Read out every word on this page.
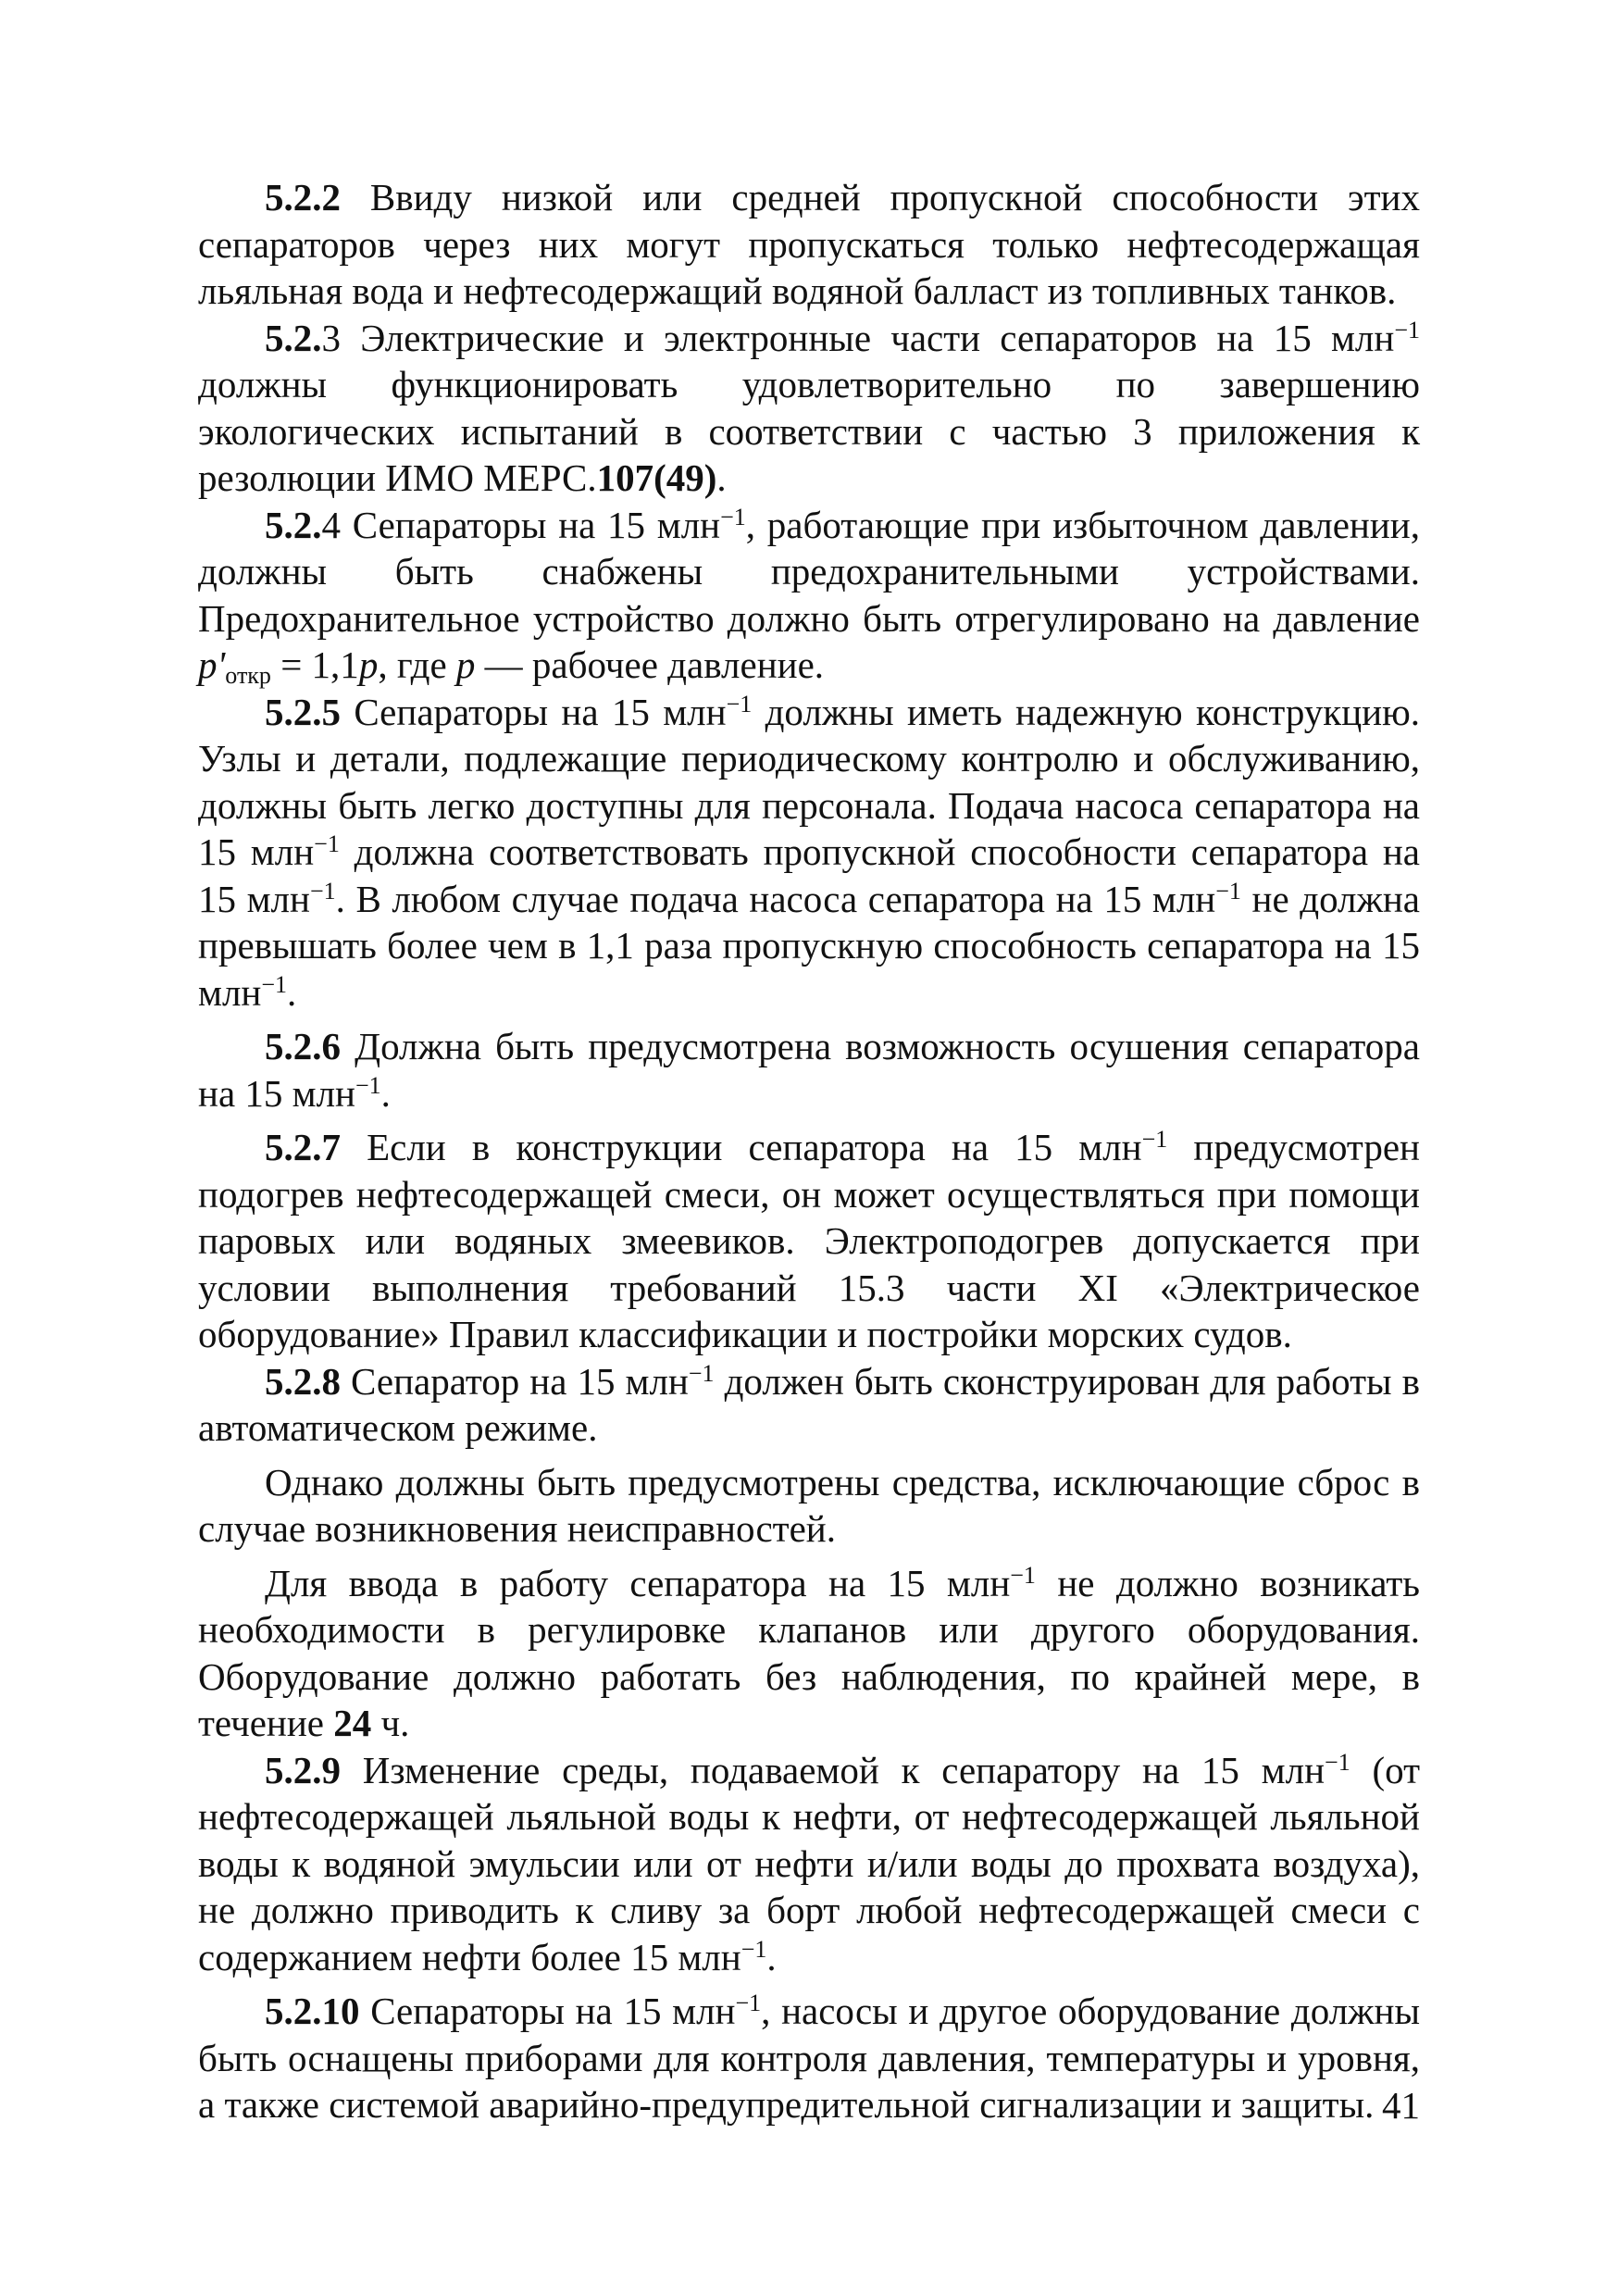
5.2.2 Ввиду низкой или средней пропускной способности этих сепараторов через них могут пропускаться только нефтесодержащая льяльная вода и нефтесодержащий водяной балласт из топливных танков.

5.2.3 Электрические и электронные части сепараторов на 15 млн$^{-1}$ должны функционировать удовлетворительно по завершению экологических испытаний в соответствии с частью 3 приложения к резолюции ИМО МЕРС.107(49).

5.2.4 Сепараторы на 15 млн$^{-1}$, работающие при избыточном давлении, должны быть снабжены предохранительными устройствами. Предохранительное устройство должно быть отрегулировано на давление $p'_{откр} = 1,1p$, где p — рабочее давление.

5.2.5 Сепараторы на 15 млн$^{-1}$ должны иметь надежную конструкцию. Узлы и детали, подлежащие периодическому контролю и обслуживанию, должны быть легко доступны для персонала. Подача насоса сепаратора на 15 млн$^{-1}$ должна соответствовать пропускной способности сепаратора на 15 млн$^{-1}$. В любом случае подача насоса сепаратора на 15 млн$^{-1}$ не должна превышать более чем в 1,1 раза пропускную способность сепаратора на 15 млн$^{-1}$.

5.2.6 Должна быть предусмотрена возможность осушения сепаратора на 15 млн$^{-1}$.

5.2.7 Если в конструкции сепаратора на 15 млн$^{-1}$ предусмотрен подогрев нефтесодержащей смеси, он может осуществляться при помощи паровых или водяных змеевиков. Электроподогрев допускается при условии выполнения требований 15.3 части XI «Электрическое оборудование» Правил классификации и постройки морских судов.

5.2.8 Сепаратор на 15 млн$^{-1}$ должен быть сконструирован для работы в автоматическом режиме.

Однако должны быть предусмотрены средства, исключающие сброс в случае возникновения неисправностей.

Для ввода в работу сепаратора на 15 млн$^{-1}$ не должно возникать необходимости в регулировке клапанов или другого оборудования. Оборудование должно работать без наблюдения, по крайней мере, в течение 24 ч.

5.2.9 Изменение среды, подаваемой к сепаратору на 15 млн$^{-1}$ (от нефтесодержащей льяльной воды к нефти, от нефтесодержащей льяльной воды к водяной эмульсии или от нефти и/или воды до прохвата воздуха), не должно приводить к сливу за борт любой нефтесодержащей смеси с содержанием нефти более 15 млн$^{-1}$.

5.2.10 Сепараторы на 15 млн$^{-1}$, насосы и другое оборудование должны быть оснащены приборами для контроля давления, температуры и уровня, а также системой аварийно-предупредительной сигнализации и защиты. 41
